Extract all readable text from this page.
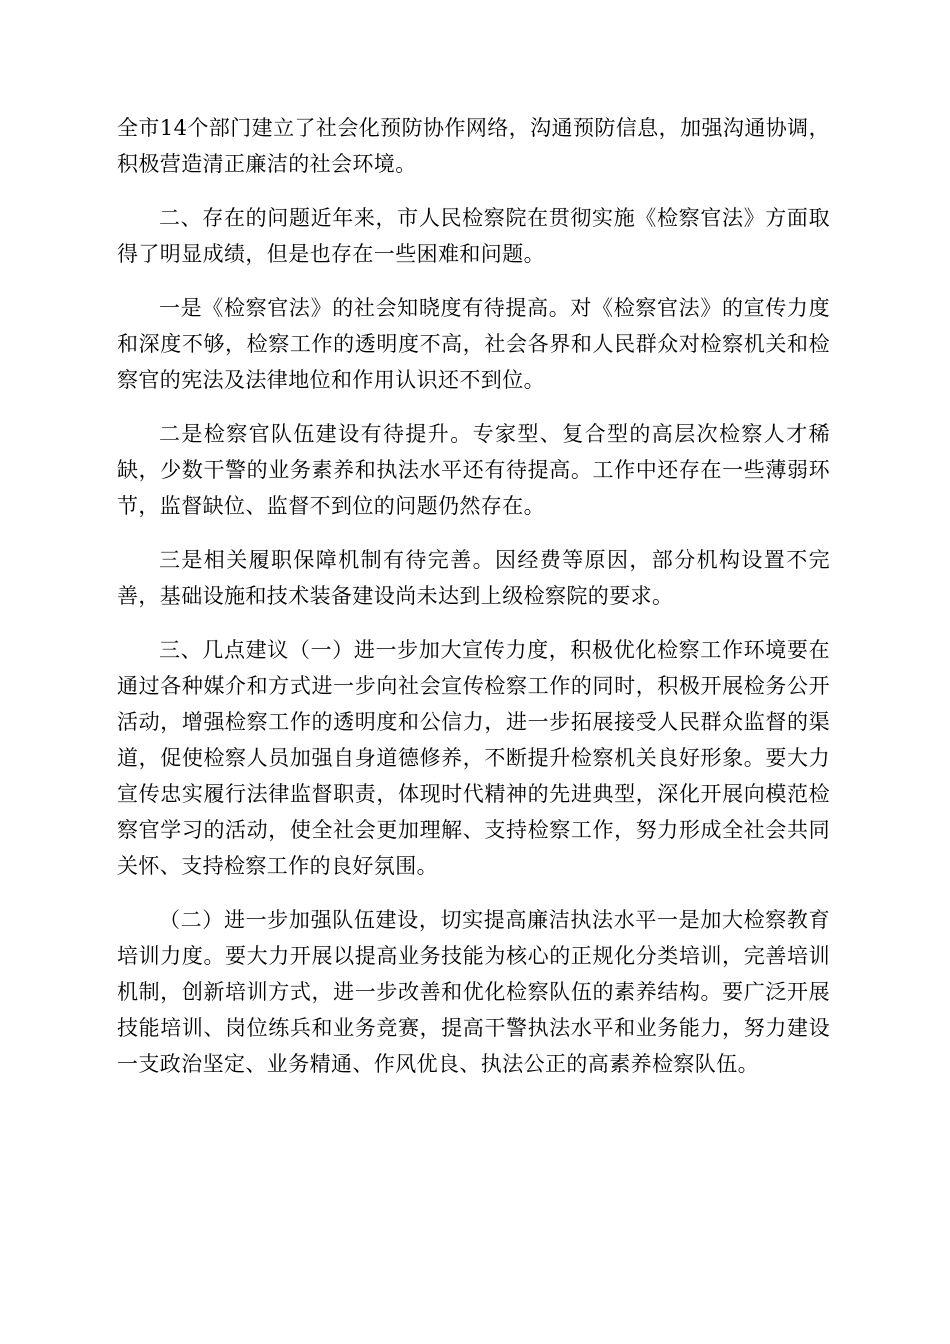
全市14个部门建立了社会化预防协作网络，沟通预防信息，加强沟通协调，积极营造清正廉洁的社会环境。

二、存在的问题近年来，市人民检察院在贯彻实施《检察官法》方面取得了明显成绩，但是也存在一些困难和问题。

一是《检察官法》的社会知晓度有待提高。对《检察官法》的宣传力度和深度不够，检察工作的透明度不高，社会各界和人民群众对检察机关和检察官的宪法及法律地位和作用认识还不到位。

二是检察官队伍建设有待提升。专家型、复合型的高层次检察人才稀缺，少数干警的业务素养和执法水平还有待提高。工作中还存在一些薄弱环节，监督缺位、监督不到位的问题仍然存在。

三是相关履职保障机制有待完善。因经费等原因，部分机构设置不完善，基础设施和技术装备建设尚未达到上级检察院的要求。

三、几点建议（一）进一步加大宣传力度，积极优化检察工作环境要在通过各种媒介和方式进一步向社会宣传检察工作的同时，积极开展检务公开活动，增强检察工作的透明度和公信力，进一步拓展接受人民群众监督的渠道，促使检察人员加强自身道德修养，不断提升检察机关良好形象。要大力宣传忠实履行法律监督职责，体现时代精神的先进典型，深化开展向模范检察官学习的活动，使全社会更加理解、支持检察工作，努力形成全社会共同关怀、支持检察工作的良好氛围。

（二）进一步加强队伍建设，切实提高廉洁执法水平一是加大检察教育培训力度。要大力开展以提高业务技能为核心的正规化分类培训，完善培训机制，创新培训方式，进一步改善和优化检察队伍的素养结构。要广泛开展技能培训、岗位练兵和业务竞赛，提高干警执法水平和业务能力，努力建设一支政治坚定、业务精通、作风优良、执法公正的高素养检察队伍。
